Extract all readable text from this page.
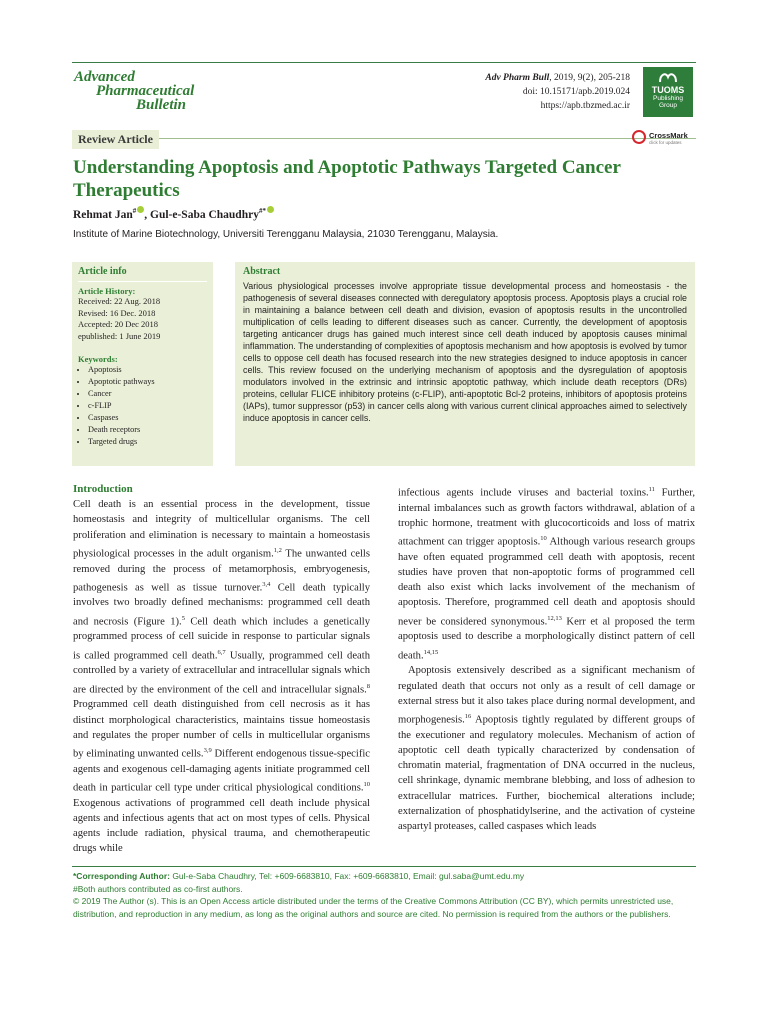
Advanced
Pharmaceutical
Bulletin
Adv Pharm Bull, 2019, 9(2), 205-218
doi: 10.15171/apb.2019.024
https://apb.tbzmed.ac.ir
TUOMS
Publishing
Group
Review Article	CrossMark
click for updates
Understanding Apoptosis and Apoptotic Pathways Targeted Cancer Therapeutics
Rehmat Jan# , Gul-e-Saba Chaudhry#*
Institute of Marine Biotechnology, Universiti Terengganu Malaysia, 21030 Terengganu, Malaysia.
Article info
Article History:
Received: 22 Aug. 2018
Revised: 16 Dec. 2018
Accepted: 20 Dec 2018
epublished: 1 June 2019
Keywords:
• Apoptosis
• Apoptotic pathways
• Cancer
• c-FLIP
• Caspases
• Death receptors
• Targeted drugs
Abstract

Various physiological processes involve appropriate tissue developmental process and homeostasis - the pathogenesis of several diseases connected with deregulatory apoptosis process. Apoptosis plays a crucial role in maintaining a balance between cell death and division, evasion of apoptosis results in the uncontrolled multiplication of cells leading to different diseases such as cancer. Currently, the development of apoptosis targeting anticancer drugs has gained much interest since cell death induced by apoptosis causes minimal inflammation. The understanding of complexities of apoptosis mechanism and how apoptosis is evolved by tumor cells to oppose cell death has focused research into the new strategies designed to induce apoptosis in cancer cells. This review focused on the underlying mechanism of apoptosis and the dysregulation of apoptosis modulators involved in the extrinsic and intrinsic apoptotic pathway, which include death receptors (DRs) proteins, cellular FLICE inhibitory proteins (c-FLIP), anti-apoptotic Bcl-2 proteins, inhibitors of apoptosis proteins (IAPs), tumor suppressor (p53) in cancer cells along with various current clinical approaches aimed to selectively induce apoptosis in cancer cells.

Introduction

Cell death is an essential process in the development, tissue homeostasis and integrity of multicellular organisms. The cell proliferation and elimination is necessary to maintain a homeostasis physiological processes in the adult organism.$^{1,2}$ The unwanted cells removed during the process of metamorphosis, embryogenesis, pathogenesis as well as tissue turnover.$^{3,4}$ Cell death typically involves two broadly defined mechanisms: programmed cell death and necrosis (Figure 1).$^5$ Cell death which includes a genetically programmed process of cell suicide in response to particular signals is called programmed cell death.$^{6,7}$ Usually, programmed cell death controlled by a variety of extracellular and intracellular signals which are directed by the environment of the cell and intracellular signals.$^8$ Programmed cell death distinguished from cell necrosis as it has distinct morphological characteristics, maintains tissue homeostasis and regulates the proper number of cells in multicellular organisms by eliminating unwanted cells.$^{3,9}$ Different endogenous tissue-specific agents and exogenous cell-damaging agents initiate programmed cell death in particular cell type under critical physiological conditions.$^{10}$ Exogenous activations of programmed cell death include physical agents and infectious agents that act on most types of cells. Physical agents include radiation, physical trauma, and chemotherapeutic drugs while

infectious agents include viruses and bacterial toxins.$^{11}$ Further, internal imbalances such as growth factors withdrawal, ablation of a trophic hormone, treatment with glucocorticoids and loss of matrix attachment can trigger apoptosis.$^{10}$ Although various research groups have often equated programmed cell death with apoptosis, recent studies have proven that non-apoptotic forms of programmed cell death also exist which lacks involvement of the mechanism of apoptosis. Therefore, programmed cell death and apoptosis should never be considered synonymous.$^{12,13}$ Kerr et al proposed the term apoptosis used to describe a morphologically distinct pattern of cell death.$^{14,15}$

Apoptosis extensively described as a significant mechanism of regulated death that occurs not only as a result of cell damage or external stress but it also takes place during normal development, and morphogenesis.$^{16}$ Apoptosis tightly regulated by different groups of the executioner and regulatory molecules. Mechanism of action of apoptotic cell death typically characterized by condensation of chromatin material, fragmentation of DNA occurred in the nucleus, cell shrinkage, dynamic membrane blebbing, and loss of adhesion to extracellular matrices. Further, biochemical alterations include; externalization of phosphatidylserine, and the activation of cysteine aspartyl proteases, called caspases which leads

*Corresponding Author: Gul-e-Saba Chaudhry, Tel: +609-6683810, Fax: +609-6683810, Email: gul.saba@umt.edu.my

#Both authors contributed as co-first authors.

© 2019 The Author (s). This is an Open Access article distributed under the terms of the Creative Commons Attribution (CC BY), which permits unrestricted use, distribution, and reproduction in any medium, as long as the original authors and source are cited. No permission is required from the authors or the publishers.
